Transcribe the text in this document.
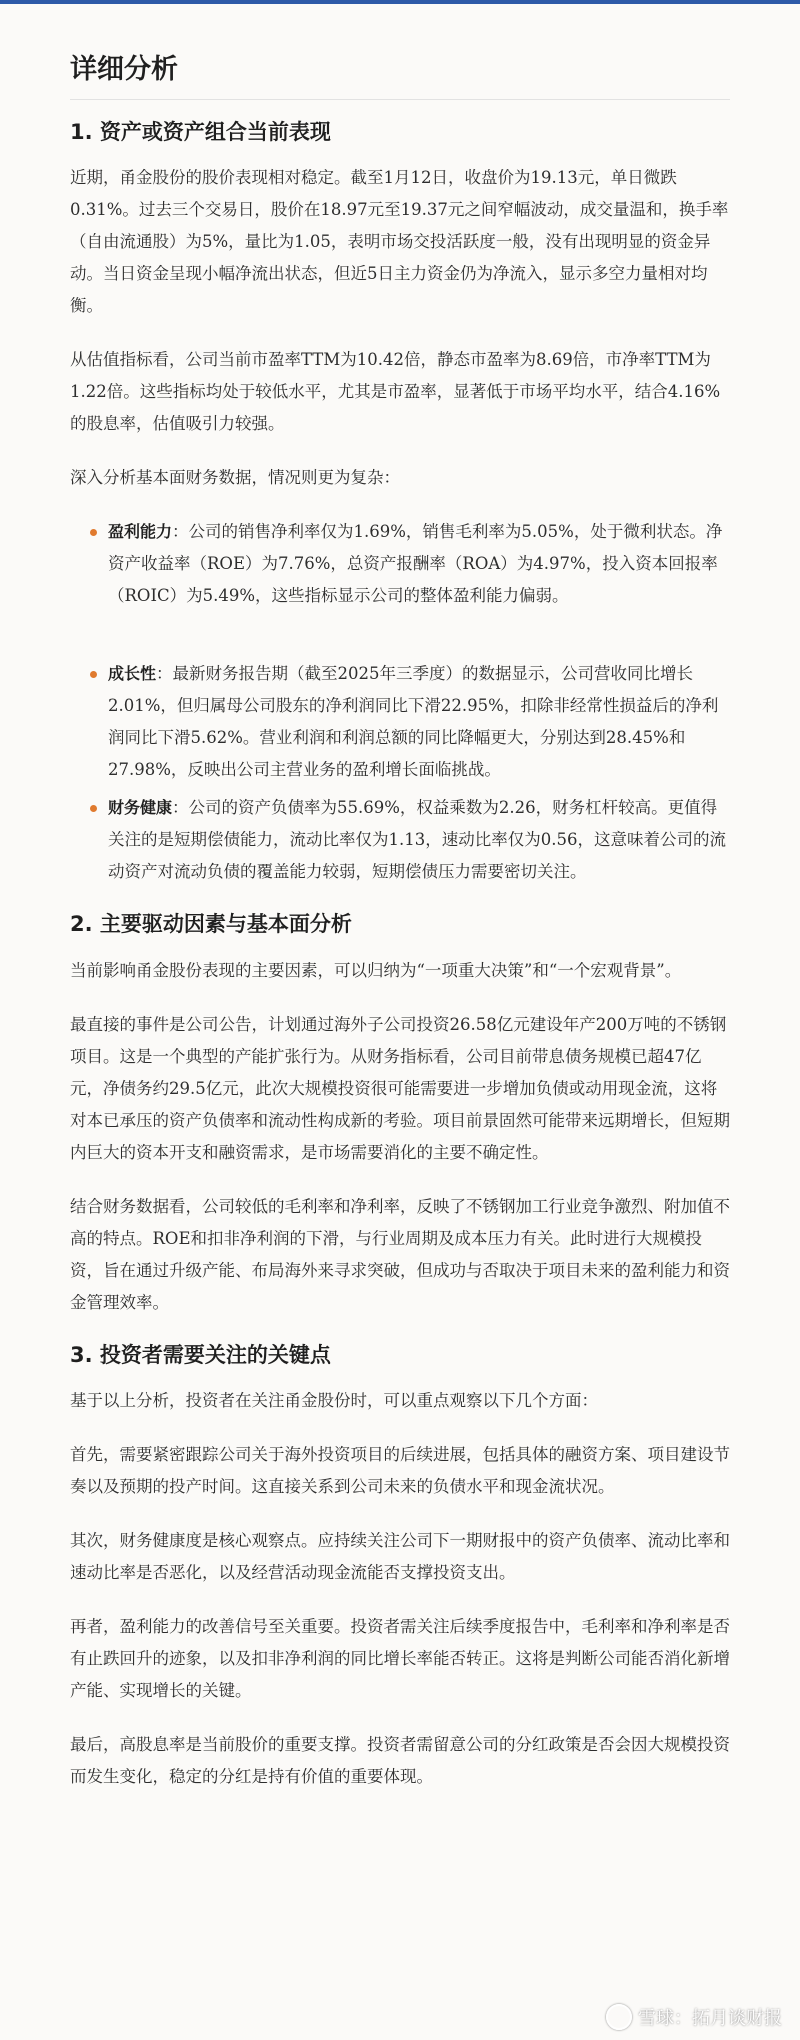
详细分析
1. 资产或资产组合当前表现

近期，甬金股份的股价表现相对稳定。截至1月12日，收盘价为19.13元，单日微跌0.31%。过去三个交易日，股价在18.97元至19.37元之间窄幅波动，成交量温和，换手率（自由流通股）为5%，量比为1.05，表明市场交投活跃度一般，没有出现明显的资金异动。当日资金呈现小幅净流出状态，但近5日主力资金仍为净流入，显示多空力量相对均衡。

从估值指标看，公司当前市盈率TTM为10.42倍，静态市盈率为8.69倍，市净率TTM为1.22倍。这些指标均处于较低水平，尤其是市盈率，显著低于市场平均水平，结合4.16%的股息率，估值吸引力较强。

深入分析基本面财务数据，情况则更为复杂：

盈利能力：公司的销售净利率仅为1.69%，销售毛利率为5.05%，处于微利状态。净资产收益率（ROE）为7.76%，总资产报酬率（ROA）为4.97%，投入资本回报率（ROIC）为5.49%，这些指标显示公司的整体盈利能力偏弱。
成长性：最新财务报告期（截至2025年三季度）的数据显示，公司营收同比增长2.01%，但归属母公司股东的净利润同比下滑22.95%，扣除非经常性损益后的净利润同比下滑5.62%。营业利润和利润总额的同比降幅更大，分别达到28.45%和27.98%，反映出公司主营业务的盈利增长面临挑战。
财务健康：公司的资产负债率为55.69%，权益乘数为2.26，财务杠杆较高。更值得关注的是短期偿债能力，流动比率仅为1.13，速动比率仅为0.56，这意味着公司的流动资产对流动负债的覆盖能力较弱，短期偿债压力需要密切关注。
2. 主要驱动因素与基本面分析

当前影响甬金股份表现的主要因素，可以归纳为“一项重大决策”和“一个宏观背景”。

最直接的事件是公司公告，计划通过海外子公司投资26.58亿元建设年产200万吨的不锈钢项目。这是一个典型的产能扩张行为。从财务指标看，公司目前带息债务规模已超47亿元，净债务约29.5亿元，此次大规模投资很可能需要进一步增加负债或动用现金流，这将对本已承压的资产负债率和流动性构成新的考验。项目前景固然可能带来远期增长，但短期内巨大的资本开支和融资需求，是市场需要消化的主要不确定性。

结合财务数据看，公司较低的毛利率和净利率，反映了不锈钢加工行业竞争激烈、附加值不高的特点。ROE和扣非净利润的下滑，与行业周期及成本压力有关。此时进行大规模投资，旨在通过升级产能、布局海外来寻求突破，但成功与否取决于项目未来的盈利能力和资金管理效率。

3. 投资者需要关注的关键点

基于以上分析，投资者在关注甬金股份时，可以重点观察以下几个方面：

首先，需要紧密跟踪公司关于海外投资项目的后续进展，包括具体的融资方案、项目建设节奏以及预期的投产时间。这直接关系到公司未来的负债水平和现金流状况。

其次，财务健康度是核心观察点。应持续关注公司下一期财报中的资产负债率、流动比率和速动比率是否恶化，以及经营活动现金流能否支撑投资支出。

再者，盈利能力的改善信号至关重要。投资者需关注后续季度报告中，毛利率和净利率是否有止跌回升的迹象，以及扣非净利润的同比增长率能否转正。这将是判断公司能否消化新增产能、实现增长的关键。

最后，高股息率是当前股价的重要支撑。投资者需留意公司的分红政策是否会因大规模投资而发生变化，稳定的分红是持有价值的重要体现。

雪球：拓月谈财报
